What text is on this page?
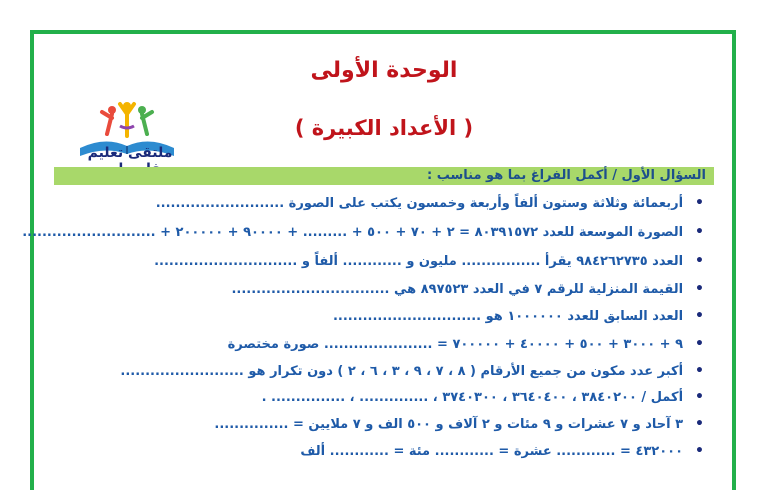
الوحدة الأولى
( الأعداد الكبيرة )
ملتقى تعليم
السؤال الأول / أكمل الفراغ بما هو مناسب :
• أربعمائة وثلاثة وستون ألفاً وأربعة وخمسون يكتب على الصورة ..........................
• الصورة الموسعة للعدد ٨٠٣٩١٥٧٢ = ٢ + ٧٠ + ٥٠٠ + ......... + ٩٠٠٠٠ + ٢٠٠٠٠٠ + ...........................
• العدد ٩٨٤٢٦٢٧٣٥ يقرأ ................ مليون و ............ ألفاً و .............................
• القيمة المنزلية للرقم ٧ في العدد ٨٩٧٥٢٣ هي ................................
• العدد السابق للعدد ١٠٠٠٠٠٠ هو ..............................
• ٩ + ٣٠٠٠ + ٥٠٠ + ٤٠٠٠٠ + ٧٠٠٠٠٠ = ...................... صورة مختصرة
• أكبر عدد مكون من جميع الأرقام ( ٨ ، ٧ ، ٩ ، ٣ ، ٦ ، ٢ ) دون تكرار هو .........................
• أكمل / ٣٨٤٠٢٠٠ ، ٣٦٤٠٤٠٠ ، ٣٧٤٠٣٠٠ ، .............. ، ............... .
• ٣ آحاد و ٧ عشرات و ٩ مئات و ٢ آلاف و ٥٠٠ الف و ٧ ملايين = ...............
• ٤٣٢٠٠٠ = ............ عشرة = ............ مئة = ............ ألف
